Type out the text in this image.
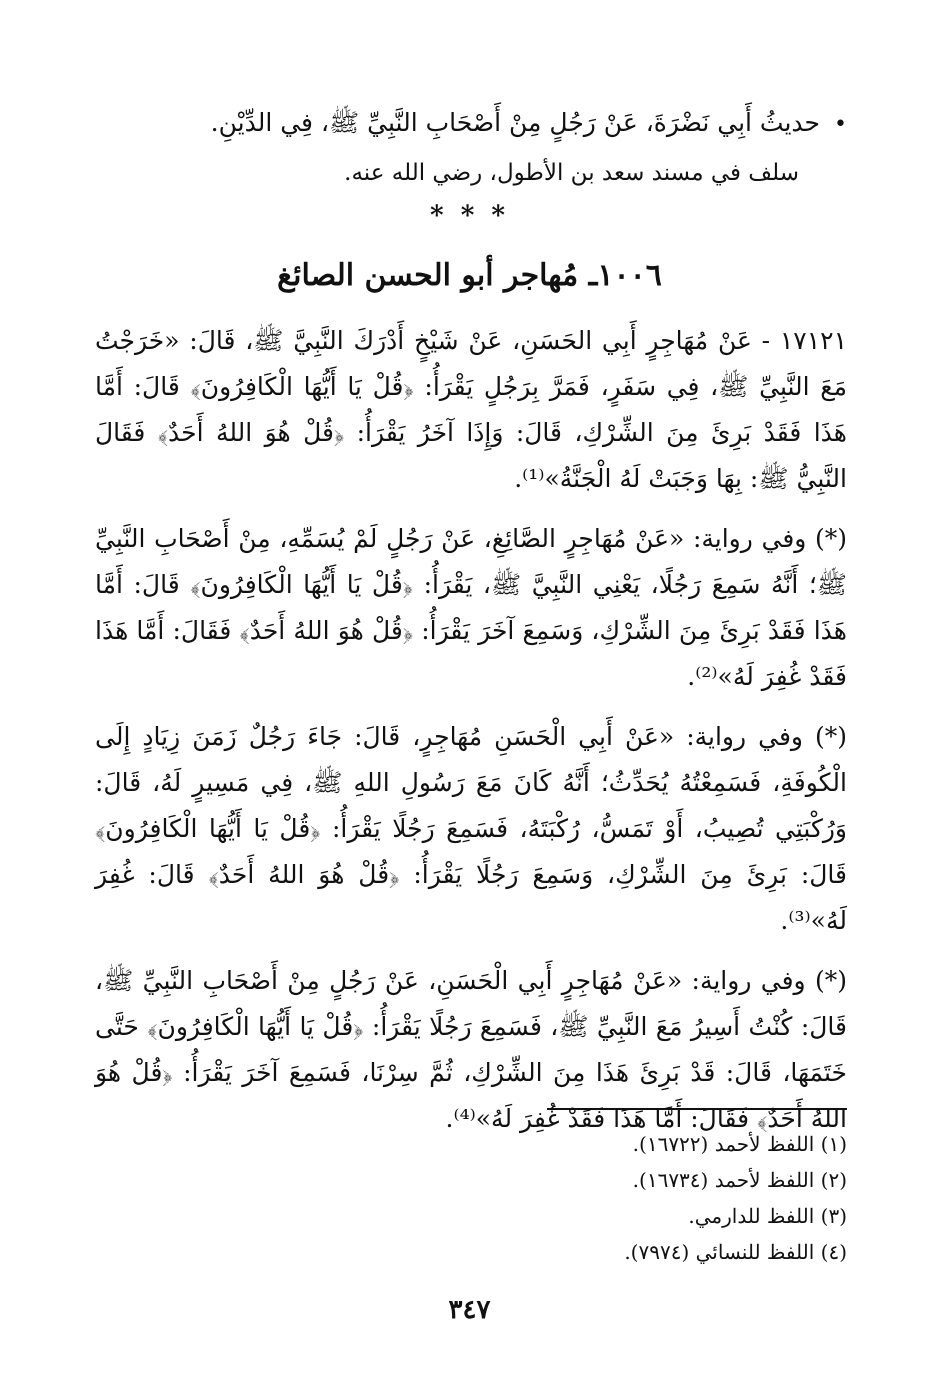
•حديثُ أَبِي نَضْرَةَ، عَنْ رَجُلٍ مِنْ أَصْحَابِ النَّبِيِّ ﷺ، فِي الدِّيْنِ.
سلف في مسند سعد بن الأطول، رضي الله عنه.
* * *
١٠٠٦ـ مُهاجر أبو الحسن الصائغ

١٧١٢١ - عَنْ مُهَاجِرٍ أَبِي الحَسَنِ، عَنْ شَيْخٍ أَدْرَكَ النَّبِيَّ ﷺ، قَالَ: «خَرَجْتُ مَعَ النَّبِيِّ ﷺ، فِي سَفَرٍ، فَمَرَّ بِرَجُلٍ يَقْرَأُ: ﴿قُلْ يَا أَيُّهَا الْكَافِرُونَ﴾ قَالَ: أَمَّا هَذَا فَقَدْ بَرِئَ مِنَ الشِّرْكِ، قَالَ: وَإِذَا آخَرُ يَقْرَأُ: ﴿قُلْ هُوَ اللهُ أَحَدٌ﴾ فَقَالَ النَّبِيُّ ﷺ: بِهَا وَجَبَتْ لَهُ الْجَنَّةُ»⁽¹⁾.

(*) وفي رواية: «عَنْ مُهَاجِرٍ الصَّائِغِ، عَنْ رَجُلٍ لَمْ يُسَمِّهِ، مِنْ أَصْحَابِ النَّبِيِّ ﷺ؛ أَنَّهُ سَمِعَ رَجُلًا، يَعْنِي النَّبِيَّ ﷺ، يَقْرَأُ: ﴿قُلْ يَا أَيُّهَا الْكَافِرُونَ﴾ قَالَ: أَمَّا هَذَا فَقَدْ بَرِئَ مِنَ الشِّرْكِ، وَسَمِعَ آخَرَ يَقْرَأُ: ﴿قُلْ هُوَ اللهُ أَحَدٌ﴾ فَقَالَ: أَمَّا هَذَا فَقَدْ غُفِرَ لَهُ»⁽²⁾.

(*) وفي رواية: «عَنْ أَبِي الْحَسَنِ مُهَاجِرٍ، قَالَ: جَاءَ رَجُلٌ زَمَنَ زِيَادٍ إِلَى الْكُوفَةِ، فَسَمِعْتُهُ يُحَدِّثُ؛ أَنَّهُ كَانَ مَعَ رَسُولِ اللهِ ﷺ، فِي مَسِيرٍ لَهُ، قَالَ: وَرُكْبَتِي تُصِيبُ، أَوْ تَمَسُّ، رُكْبَتَهُ، فَسَمِعَ رَجُلًا يَقْرَأُ: ﴿قُلْ يَا أَيُّهَا الْكَافِرُونَ﴾ قَالَ: بَرِئَ مِنَ الشِّرْكِ، وَسَمِعَ رَجُلًا يَقْرَأُ: ﴿قُلْ هُوَ اللهُ أَحَدٌ﴾ قَالَ: غُفِرَ لَهُ»⁽³⁾.

(*) وفي رواية: «عَنْ مُهَاجِرٍ أَبِي الْحَسَنِ، عَنْ رَجُلٍ مِنْ أَصْحَابِ النَّبِيِّ ﷺ، قَالَ: كُنْتُ أَسِيرُ مَعَ النَّبِيِّ ﷺ، فَسَمِعَ رَجُلًا يَقْرَأُ: ﴿قُلْ يَا أَيُّهَا الْكَافِرُونَ﴾ حَتَّى خَتَمَهَا، قَالَ: قَدْ بَرِئَ هَذَا مِنَ الشِّرْكِ، ثُمَّ سِرْنَا، فَسَمِعَ آخَرَ يَقْرَأُ: ﴿قُلْ هُوَ اللهُ أَحَدٌ﴾ فَقَالَ: أَمَّا هَذَا فَقَدْ غُفِرَ لَهُ»⁽⁴⁾.

(١) اللفظ لأحمد (١٦٧٢٢).
(٢) اللفظ لأحمد (١٦٧٣٤).
(٣) اللفظ للدارمي.
(٤) اللفظ للنسائي (٧٩٧٤).
٣٤٧
